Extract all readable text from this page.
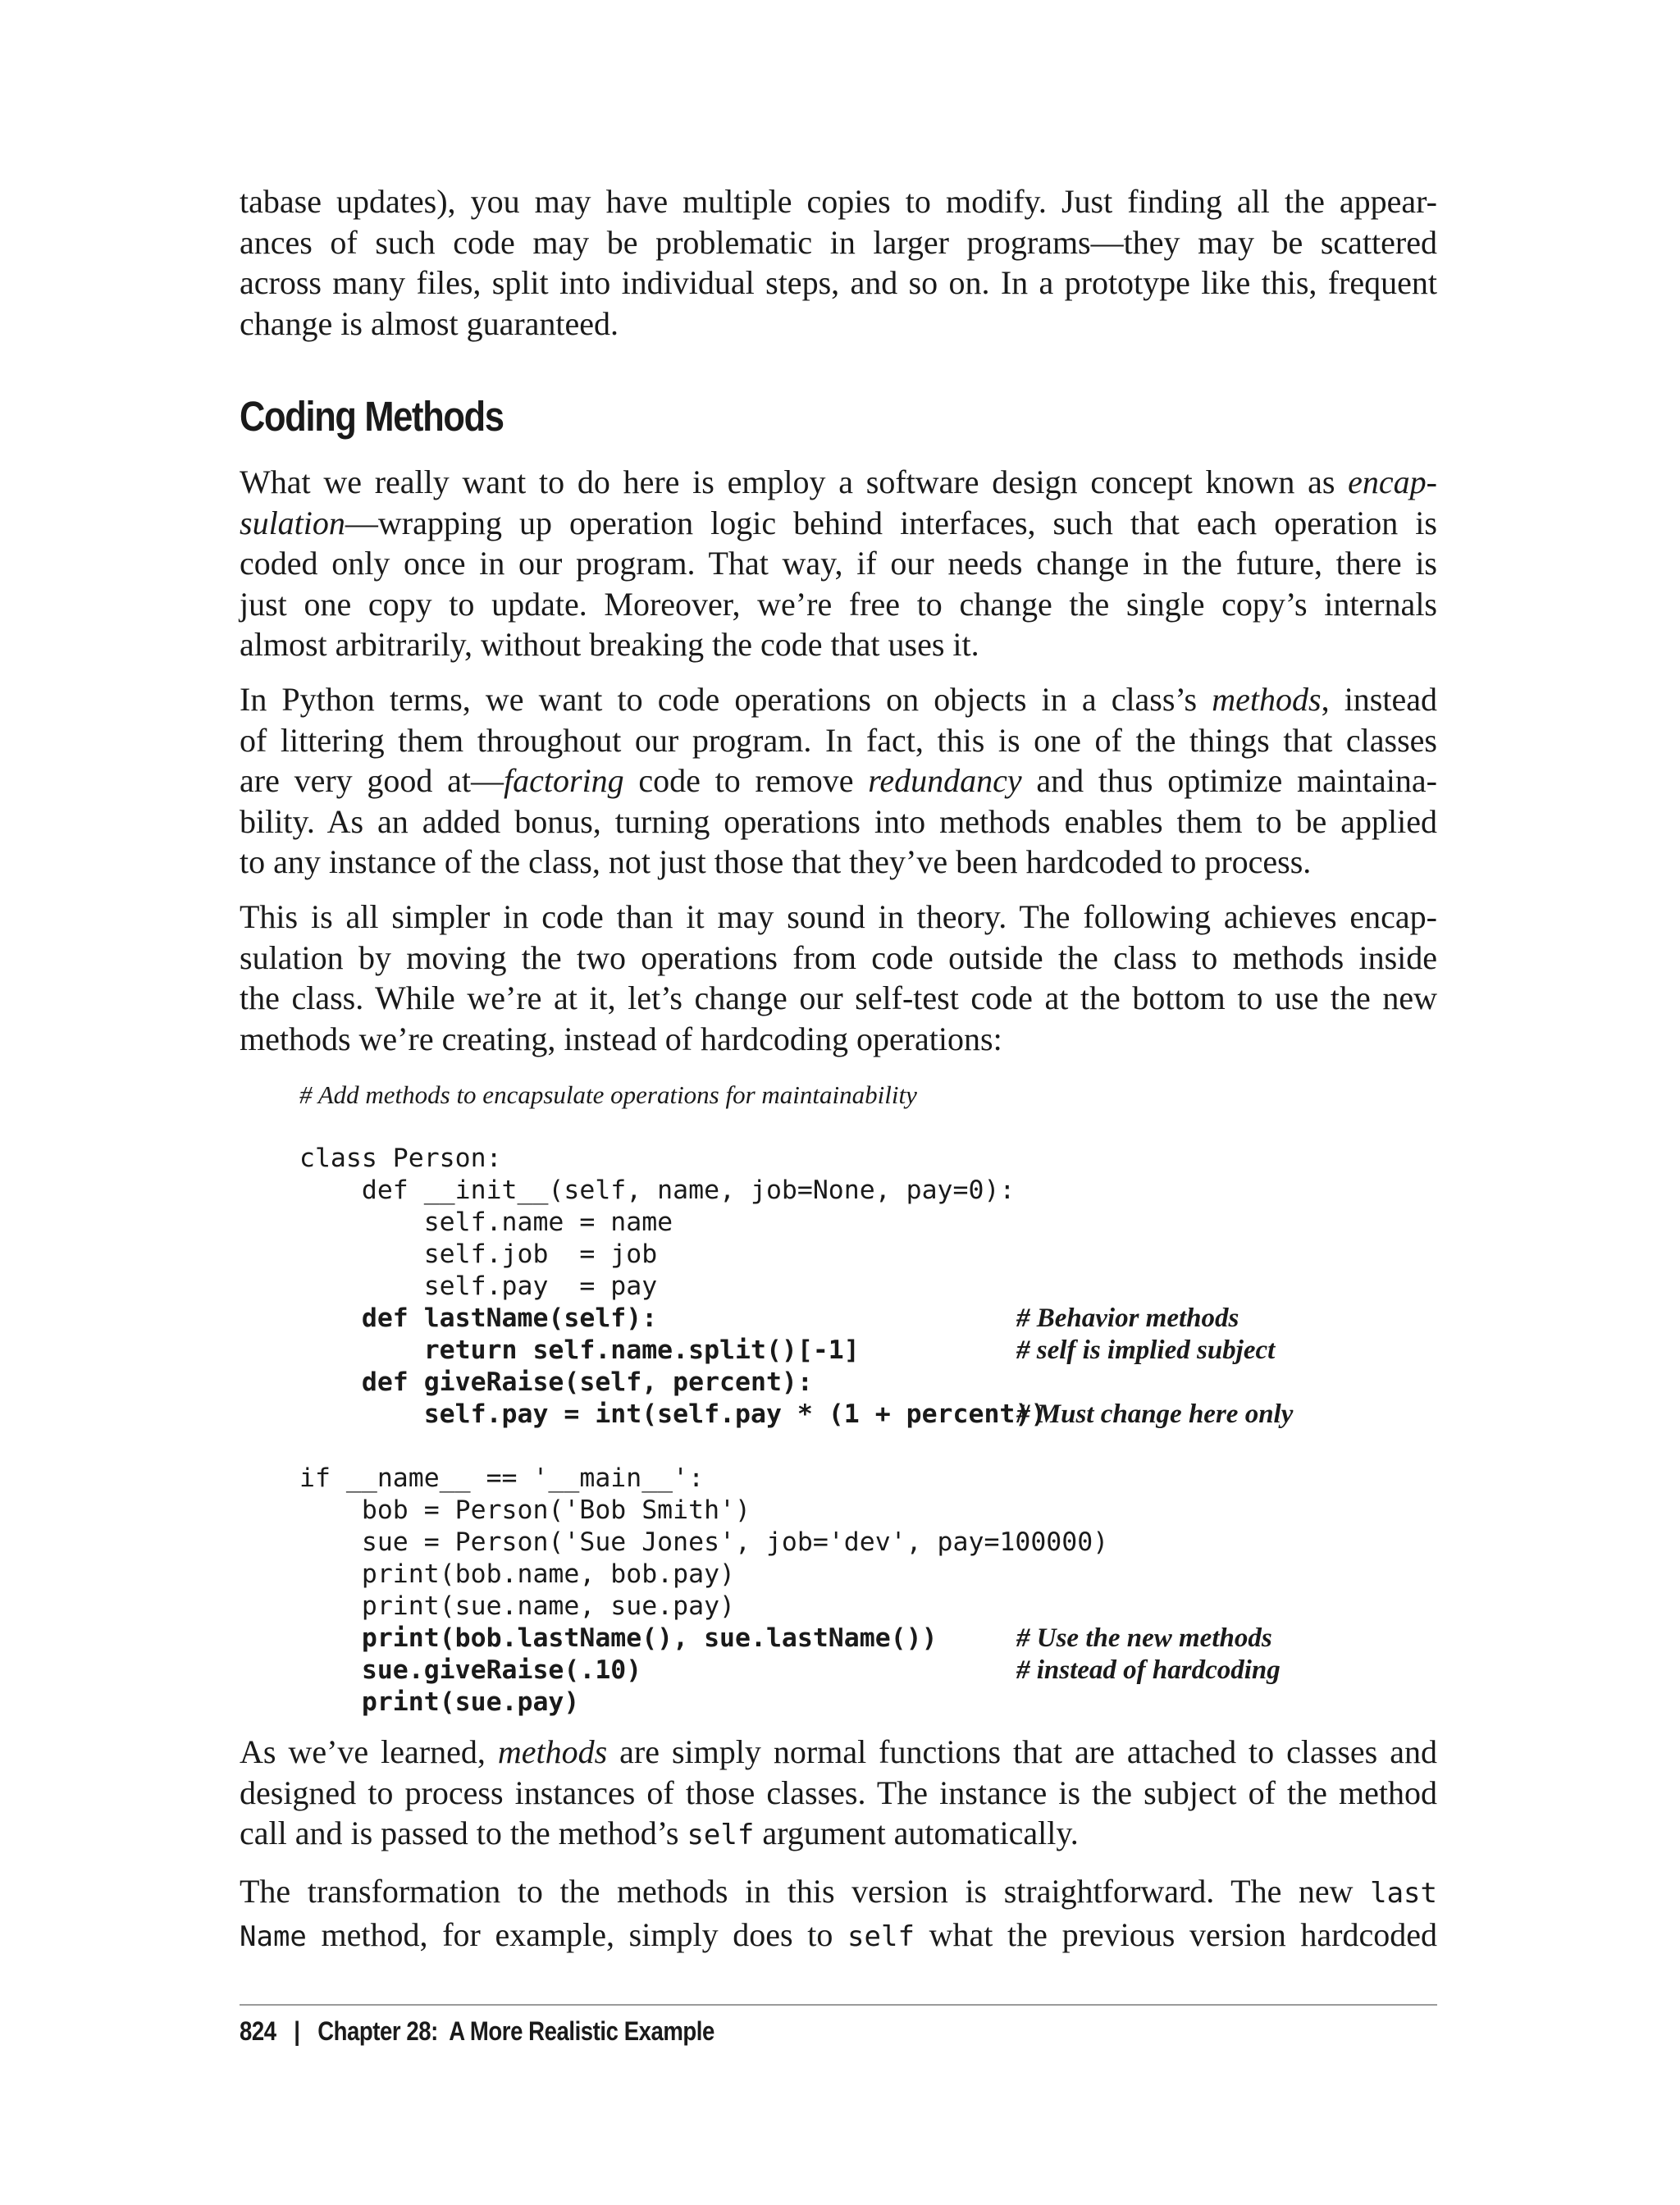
tabase updates), you may have multiple copies to modify. Just finding all the appear-
ances of such code may be problematic in larger programs—they may be scattered
across many files, split into individual steps, and so on. In a prototype like this, frequent
change is almost guaranteed.
Coding Methods
What we really want to do here is employ a software design concept known as encap-
sulation—wrapping up operation logic behind interfaces, such that each operation is
coded only once in our program. That way, if our needs change in the future, there is
just one copy to update. Moreover, we’re free to change the single copy’s internals
almost arbitrarily, without breaking the code that uses it.
In Python terms, we want to code operations on objects in a class’s methods, instead
of littering them throughout our program. In fact, this is one of the things that classes
are very good at—factoring code to remove redundancy and thus optimize maintaina-
bility. As an added bonus, turning operations into methods enables them to be applied
to any instance of the class, not just those that they’ve been hardcoded to process.
This is all simpler in code than it may sound in theory. The following achieves encap-
sulation by moving the two operations from code outside the class to methods inside
the class. While we’re at it, let’s change our self-test code at the bottom to use the new
methods we’re creating, instead of hardcoding operations:
# Add methods to encapsulate operations for maintainability
class Person:
def __init__(self, name, job=None, pay=0):
self.name = name
self.job  = job
self.pay  = pay
def lastName(self):	# Behavior methods
return self.name.split()[-1]	# self is implied subject
def giveRaise(self, percent):
self.pay = int(self.pay * (1 + percent))
# Must change here only
if __name__ == '__main__':
bob = Person('Bob Smith')
sue = Person('Sue Jones', job='dev', pay=100000)
print(bob.name, bob.pay)
print(sue.name, sue.pay)
print(bob.lastName(), sue.lastName())	# Use the new methods
sue.giveRaise(.10)	# instead of hardcoding
print(sue.pay)
As we’ve learned, methods are simply normal functions that are attached to classes and
designed to process instances of those classes. The instance is the subject of the method
call and is passed to the method’s self argument automatically.
The transformation to the methods in this version is straightforward. The new last
Name method, for example, simply does to self what the previous version hardcoded
824 | Chapter 28:  A More Realistic Example
